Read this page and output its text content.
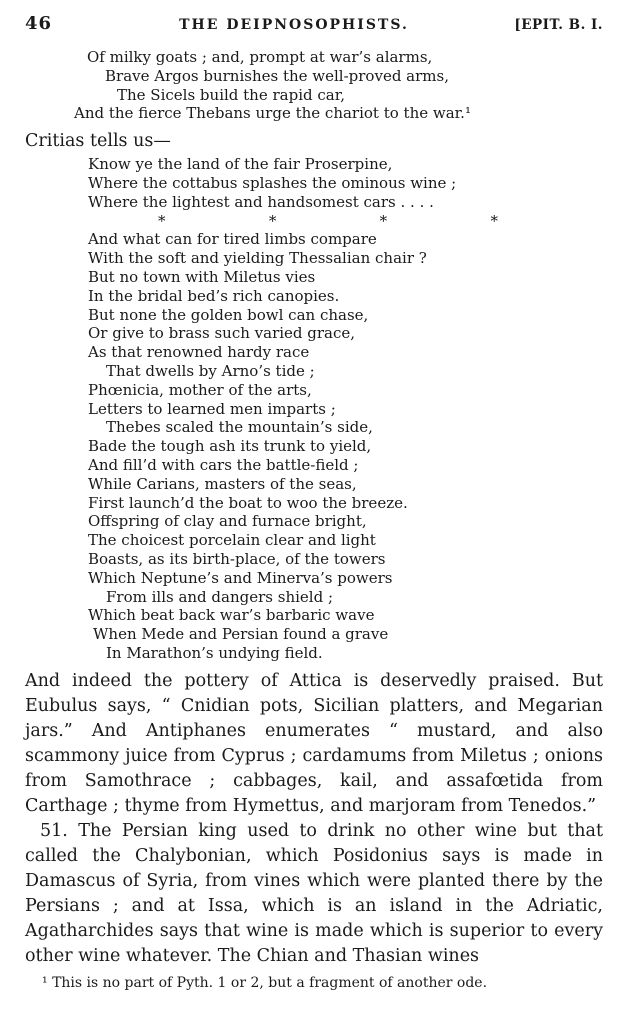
46	THE DEIPNOSOPHISTS.	[EPIT. B. I.
Of milky goats ; and, prompt at war’s alarms,
Brave Argos burnishes the well-proved arms,
The Sicels build the rapid car,
And the fierce Thebans urge the chariot to the war.¹

Critias tells us—

Know ye the land of the fair Proserpine,
Where the cottabus splashes the ominous wine ;
Where the lightest and handsomest cars . . . .
*	*	*	*
And what can for tired limbs compare
With the soft and yielding Thessalian chair ?
But no town with Miletus vies
In the bridal bed’s rich canopies.
But none the golden bowl can chase,
Or give to brass such varied grace,
As that renowned hardy race
That dwells by Arno’s tide ;
Phœnicia, mother of the arts,
Letters to learned men imparts ;
Thebes scaled the mountain’s side,
Bade the tough ash its trunk to yield,
And fill’d with cars the battle-field ;
While Carians, masters of the seas,
First launch’d the boat to woo the breeze.
Offspring of clay and furnace bright,
The choicest porcelain clear and light
Boasts, as its birth-place, of the towers
Which Neptune’s and Minerva’s powers
From ills and dangers shield ;
Which beat back war’s barbaric wave
When Mede and Persian found a grave
In Marathon’s undying field.

And indeed the pottery of Attica is deservedly praised. But Eubulus says, “ Cnidian pots, Sicilian platters, and Megarian jars.” And Antiphanes enumerates “ mustard, and also scammony juice from Cyprus ; cardamums from Miletus ; onions from Samothrace ; cabbages, kail, and assafœtida from Carthage ; thyme from Hymettus, and marjoram from Tenedos.”

51. The Persian king used to drink no other wine but that called the Chalybonian, which Posidonius says is made in Damascus of Syria, from vines which were planted there by the Persians ; and at Issa, which is an island in the Adriatic, Agatharchides says that wine is made which is superior to every other wine whatever. The Chian and Thasian wines

¹ This is no part of Pyth. 1 or 2, but a fragment of another ode.
